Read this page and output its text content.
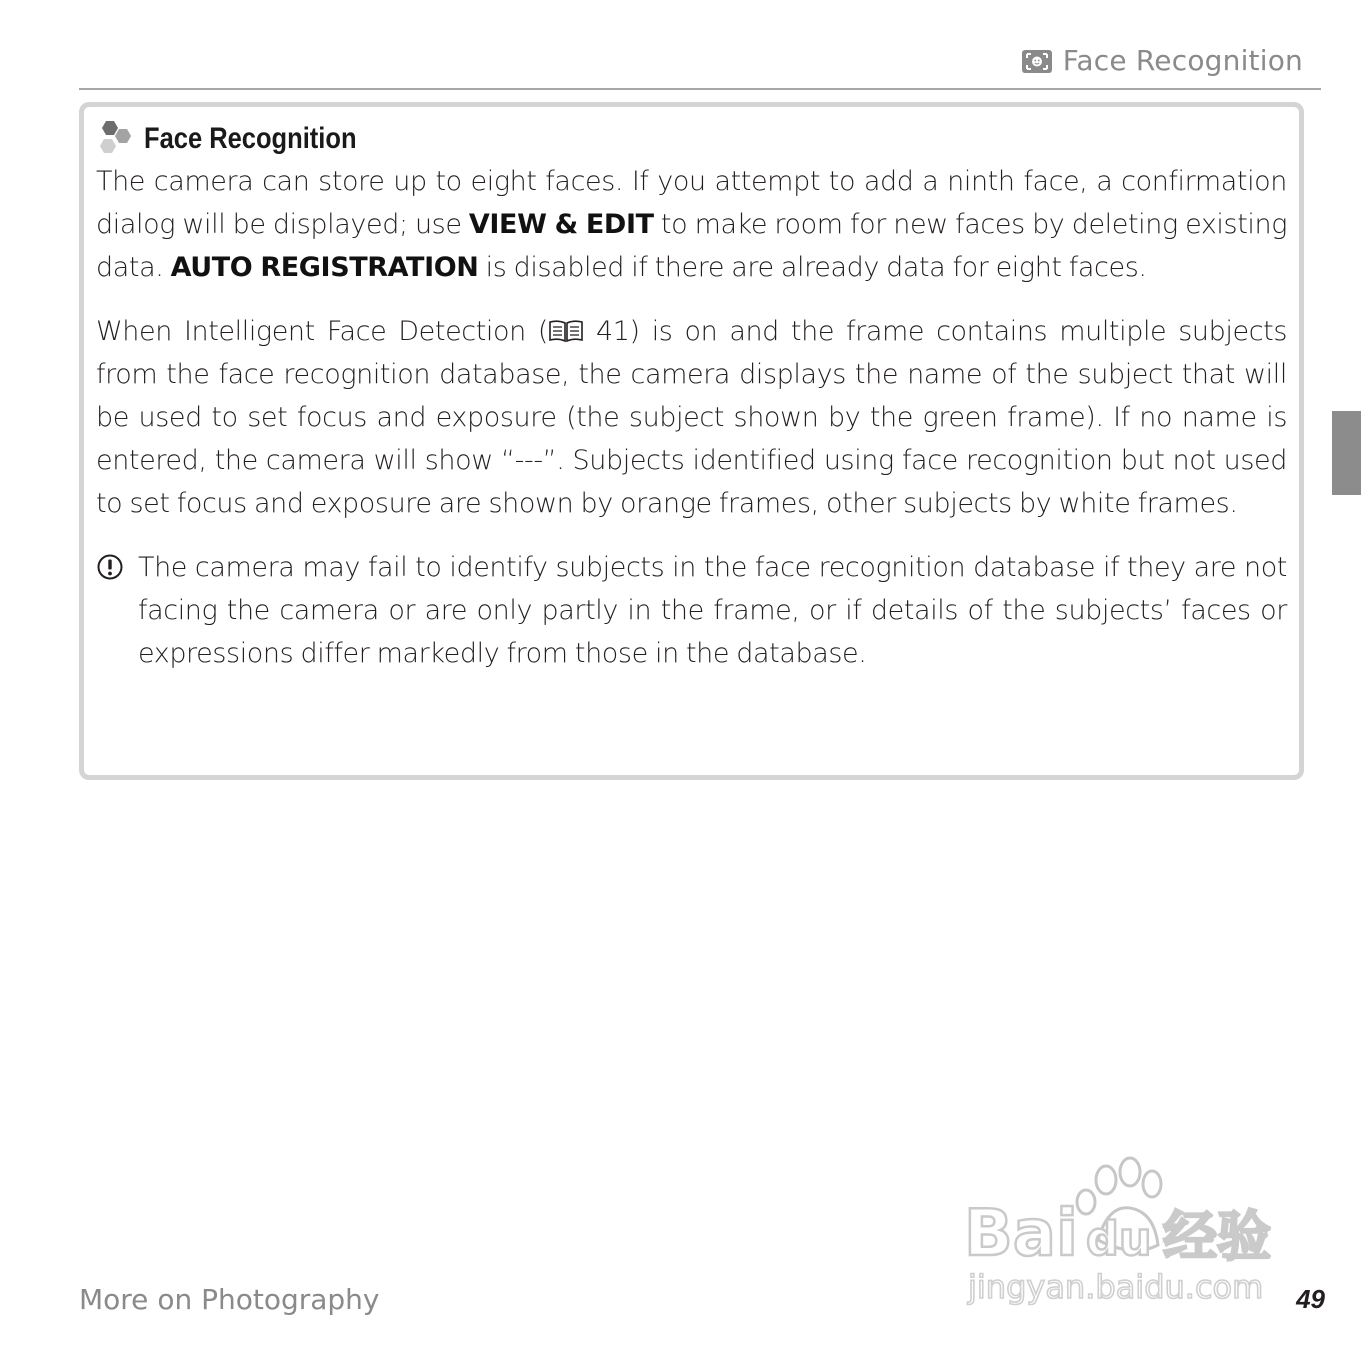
Face Recognition
Face Recognition

The camera can store up to eight faces. If you attempt to add a ninth face, a confirmation dialog will be displayed; use VIEW & EDIT to make room for new faces by deleting existing data. AUTO REGISTRATION is disabled if there are already data for eight faces.

When Intelligent Face Detection ( 41) is on and the frame contains multiple subjects from the face recognition database, the camera displays the name of the subject that will be used to set focus and exposure (the subject shown by the green frame). If no name is entered, the camera will show “---”. Subjects identified using face recognition but not used to set focus and exposure are shown by orange frames, other subjects by white frames.

The camera may fail to identify subjects in the face recognition database if they are not facing the camera or are only partly in the frame, or if details of the subjects’ faces or expressions differ markedly from those in the database.

More on Photography	49
Bai du 经验
jingyan.baidu.com
